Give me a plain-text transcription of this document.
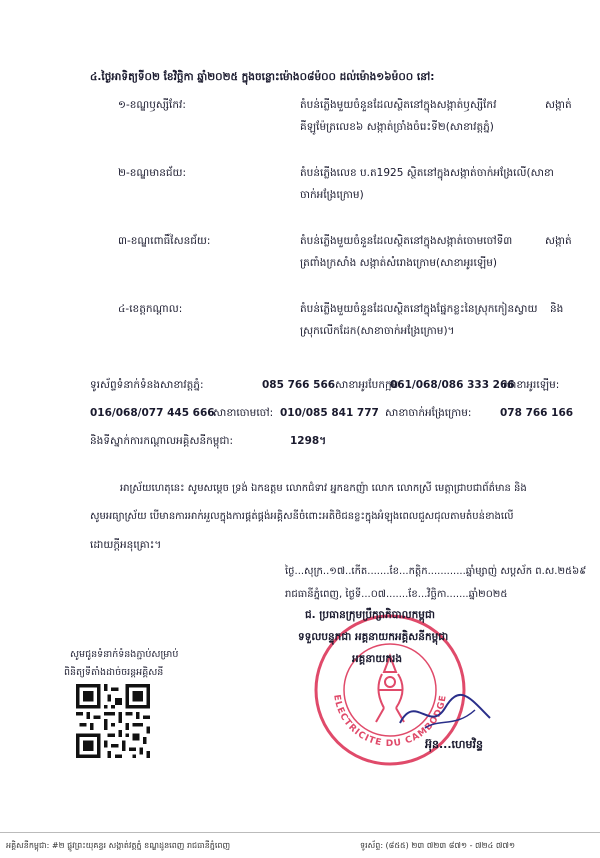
៤.ថ្ងៃអាទិត្យទី០២ ខែវិច្ឆិកា ឆ្នាំ២០២៥ ក្នុងចន្លោះម៉ោង០៨ម៉០០ ដល់ម៉ោង១៦ម៉០០ នៅ:
១-ខណ្ឌឫស្សីកែវ:	តំបន់ភ្លើងមួយចំនួនដែលស្ថិតនៅក្នុងសង្កាត់ឫស្សីកែវ	សង្កាត់
គីឡូម៉ែត្រលេខ៦ សង្កាត់ច្រាំងចំរេះទី២(សាខាវត្តភ្នំ)
២-ខណ្ឌមានជ័យ:	តំបន់ភ្លើងលេខ ប.ត1925 ស្ថិតនៅក្នុងសង្កាត់ចាក់អង្រែលើ(សាខា
ចាក់អង្រែក្រោម)
៣-ខណ្ឌពោធិ៍សែនជ័យ:	តំបន់ភ្លើងមួយចំនួនដែលស្ថិតនៅក្នុងសង្កាត់ចោមចៅទី៣	សង្កាត់
ត្រពាំងក្រសាំង សង្កាត់សំរោងក្រោម(សាខាអូរឡើម)
៤-ខេត្តកណ្ដាល:	តំបន់ភ្លើងមួយចំនួនដែលស្ថិតនៅក្នុងផ្នែកខ្លះនៃស្រុកកៀនស្វាយ និង
ស្រុកលើកដែក(សាខាចាក់អង្រែក្រោម)។
ទូរស័ព្ទទំនាក់ទំនងសាខាវត្តភ្នំ:	085 766 566 សាខាអូរបែកក្អម:
061/068/086 333 266
សាខាអូរឡើម:
016/068/077 445 666
សាខាចោមចៅ: 010/085 841 777 សាខាចាក់អង្រែក្រោម:	078 766 166
និងទីស្នាក់ការកណ្ដាលអគ្គិសនីកម្ពុជា:	1298។
អាស្រ័យហេតុនេះ សូមសម្ដេច ទ្រង់ ឯកឧត្តម លោកជំទាវ អ្នកឧកញ៉ា លោក លោកស្រី មេត្តាជ្រាបជាព័ត៌មាន និង
សូមអធ្យាស្រ័យ បើមានការអាក់អួលក្នុងការផ្គត់ផ្គង់អគ្គិសនីចំពោះអតិថិជនខ្លះក្នុងអំឡុងពេលជួសជុលតាមតំបន់ខាងលើ
ដោយក្ដីអនុគ្រោះ។
ថ្ងៃ...សុក្រ..១៧..កើត.......ខែ...កត្តិក............ឆ្នាំម្សាញ់ សប្តស័ក ព.ស.២៥៦៩
រាជធានីភ្នំពេញ, ថ្ងៃទី...០៧.......ខែ...វិច្ឆិកា.......ឆ្នាំ២០២៥
ELECTRICITE DU CAMBODGE
ជ. ប្រធានក្រុមប្រឹក្សាភិបាលកម្ពុជា
ទទួលបន្ទុកជា អគ្គនាយកអគ្គិសនីកម្ពុជា
អគ្គនាយករង
អ៊ុន...ហេមវិន្ទ
សូមជូនទំនាក់ទំនងភ្ជាប់សម្រាប់
ពិនិត្យទីតាំងដាច់ចរន្តអគ្គិសនី
អគ្គិសនីកម្ពុជា: #២ ផ្លូវព្រះយុគន្ធរ សង្កាត់វត្តភ្នំ ខណ្ឌដូនពេញ រាជធានីភ្នំពេញ	ទូរស័ព្ទ: (៨៥៥) ២៣ ៧២៣ ៨៧១ - ៧២៤ ៧៧១
